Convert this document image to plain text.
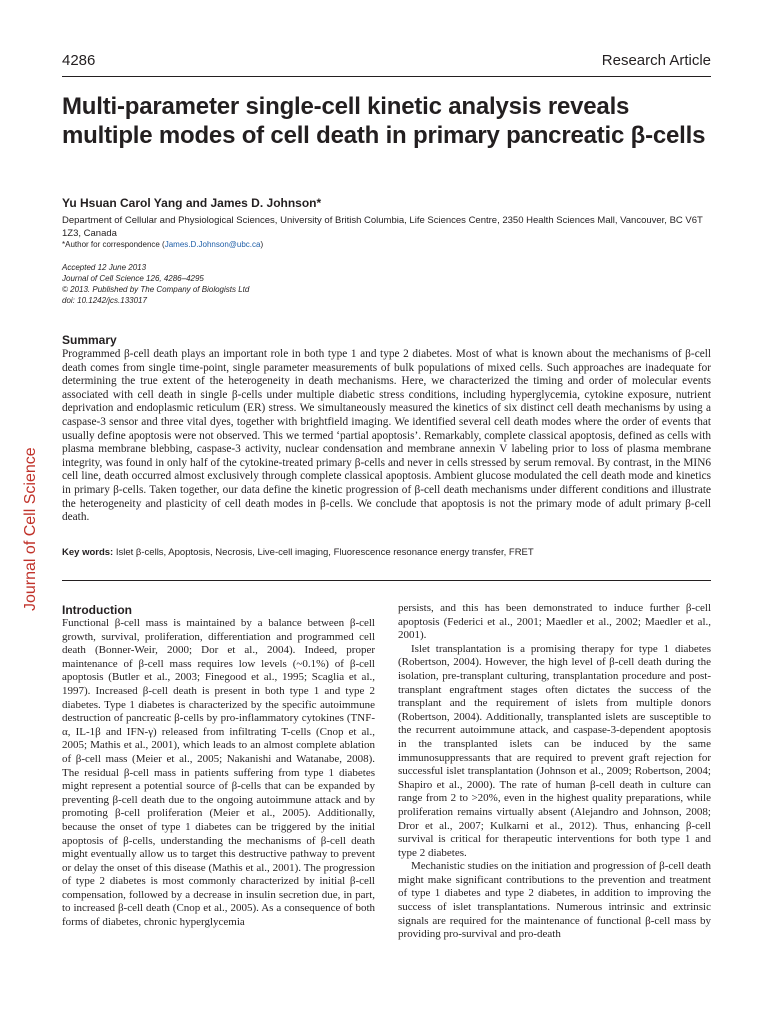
Journal of Cell Science
4286	Research Article
Multi-parameter single-cell kinetic analysis reveals multiple modes of cell death in primary pancreatic β-cells
Yu Hsuan Carol Yang and James D. Johnson*
Department of Cellular and Physiological Sciences, University of British Columbia, Life Sciences Centre, 2350 Health Sciences Mall, Vancouver, BC V6T 1Z3, Canada
*Author for correspondence (James.D.Johnson@ubc.ca)
Accepted 12 June 2013
Journal of Cell Science 126, 4286–4295
© 2013. Published by The Company of Biologists Ltd
doi: 10.1242/jcs.133017
Summary
Programmed β-cell death plays an important role in both type 1 and type 2 diabetes. Most of what is known about the mechanisms of β-cell death comes from single time-point, single parameter measurements of bulk populations of mixed cells. Such approaches are inadequate for determining the true extent of the heterogeneity in death mechanisms. Here, we characterized the timing and order of molecular events associated with cell death in single β-cells under multiple diabetic stress conditions, including hyperglycemia, cytokine exposure, nutrient deprivation and endoplasmic reticulum (ER) stress. We simultaneously measured the kinetics of six distinct cell death mechanisms by using a caspase-3 sensor and three vital dyes, together with brightfield imaging. We identified several cell death modes where the order of events that usually define apoptosis were not observed. This we termed ‘partial apoptosis’. Remarkably, complete classical apoptosis, defined as cells with plasma membrane blebbing, caspase-3 activity, nuclear condensation and membrane annexin V labeling prior to loss of plasma membrane integrity, was found in only half of the cytokine-treated primary β-cells and never in cells stressed by serum removal. By contrast, in the MIN6 cell line, death occurred almost exclusively through complete classical apoptosis. Ambient glucose modulated the cell death mode and kinetics in primary β-cells. Taken together, our data define the kinetic progression of β-cell death mechanisms under different conditions and illustrate the heterogeneity and plasticity of cell death modes in β-cells. We conclude that apoptosis is not the primary mode of adult primary β-cell death.
Key words: Islet β-cells, Apoptosis, Necrosis, Live-cell imaging, Fluorescence resonance energy transfer, FRET
Introduction

Functional β-cell mass is maintained by a balance between β-cell growth, survival, proliferation, differentiation and programmed cell death (Bonner-Weir, 2000; Dor et al., 2004). Indeed, proper maintenance of β-cell mass requires low levels (~0.1%) of β-cell apoptosis (Butler et al., 2003; Finegood et al., 1995; Scaglia et al., 1997). Increased β-cell death is present in both type 1 and type 2 diabetes. Type 1 diabetes is characterized by the specific autoimmune destruction of pancreatic β-cells by pro-inflammatory cytokines (TNF-α, IL-1β and IFN-γ) released from infiltrating T-cells (Cnop et al., 2005; Mathis et al., 2001), which leads to an almost complete ablation of β-cell mass (Meier et al., 2005; Nakanishi and Watanabe, 2008). The residual β-cell mass in patients suffering from type 1 diabetes might represent a potential source of β-cells that can be expanded by preventing β-cell death due to the ongoing autoimmune attack and by promoting β-cell proliferation (Meier et al., 2005). Additionally, because the onset of type 1 diabetes can be triggered by the initial apoptosis of β-cells, understanding the mechanisms of β-cell death might eventually allow us to target this destructive pathway to prevent or delay the onset of this disease (Mathis et al., 2001). The progression of type 2 diabetes is most commonly characterized by initial β-cell compensation, followed by a decrease in insulin secretion due, in part, to increased β-cell death (Cnop et al., 2005). As a consequence of both forms of diabetes, chronic hyperglycemia

persists, and this has been demonstrated to induce further β-cell apoptosis (Federici et al., 2001; Maedler et al., 2002; Maedler et al., 2001).

Islet transplantation is a promising therapy for type 1 diabetes (Robertson, 2004). However, the high level of β-cell death during the isolation, pre-transplant culturing, transplantation procedure and post-transplant engraftment stages often dictates the success of the transplant and the requirement of islets from multiple donors (Robertson, 2004). Additionally, transplanted islets are susceptible to the recurrent autoimmune attack, and caspase-3-dependent apoptosis in the transplanted islets can be induced by the same immunosuppressants that are required to prevent graft rejection for successful islet transplantation (Johnson et al., 2009; Robertson, 2004; Shapiro et al., 2000). The rate of human β-cell death in culture can range from 2 to >20%, even in the highest quality preparations, while proliferation remains virtually absent (Alejandro and Johnson, 2008; Dror et al., 2007; Kulkarni et al., 2012). Thus, enhancing β-cell survival is critical for therapeutic interventions for both type 1 and type 2 diabetes.

Mechanistic studies on the initiation and progression of β-cell death might make significant contributions to the prevention and treatment of type 1 diabetes and type 2 diabetes, in addition to improving the success of islet transplantations. Numerous intrinsic and extrinsic signals are required for the maintenance of functional β-cell mass by providing pro-survival and pro-death
